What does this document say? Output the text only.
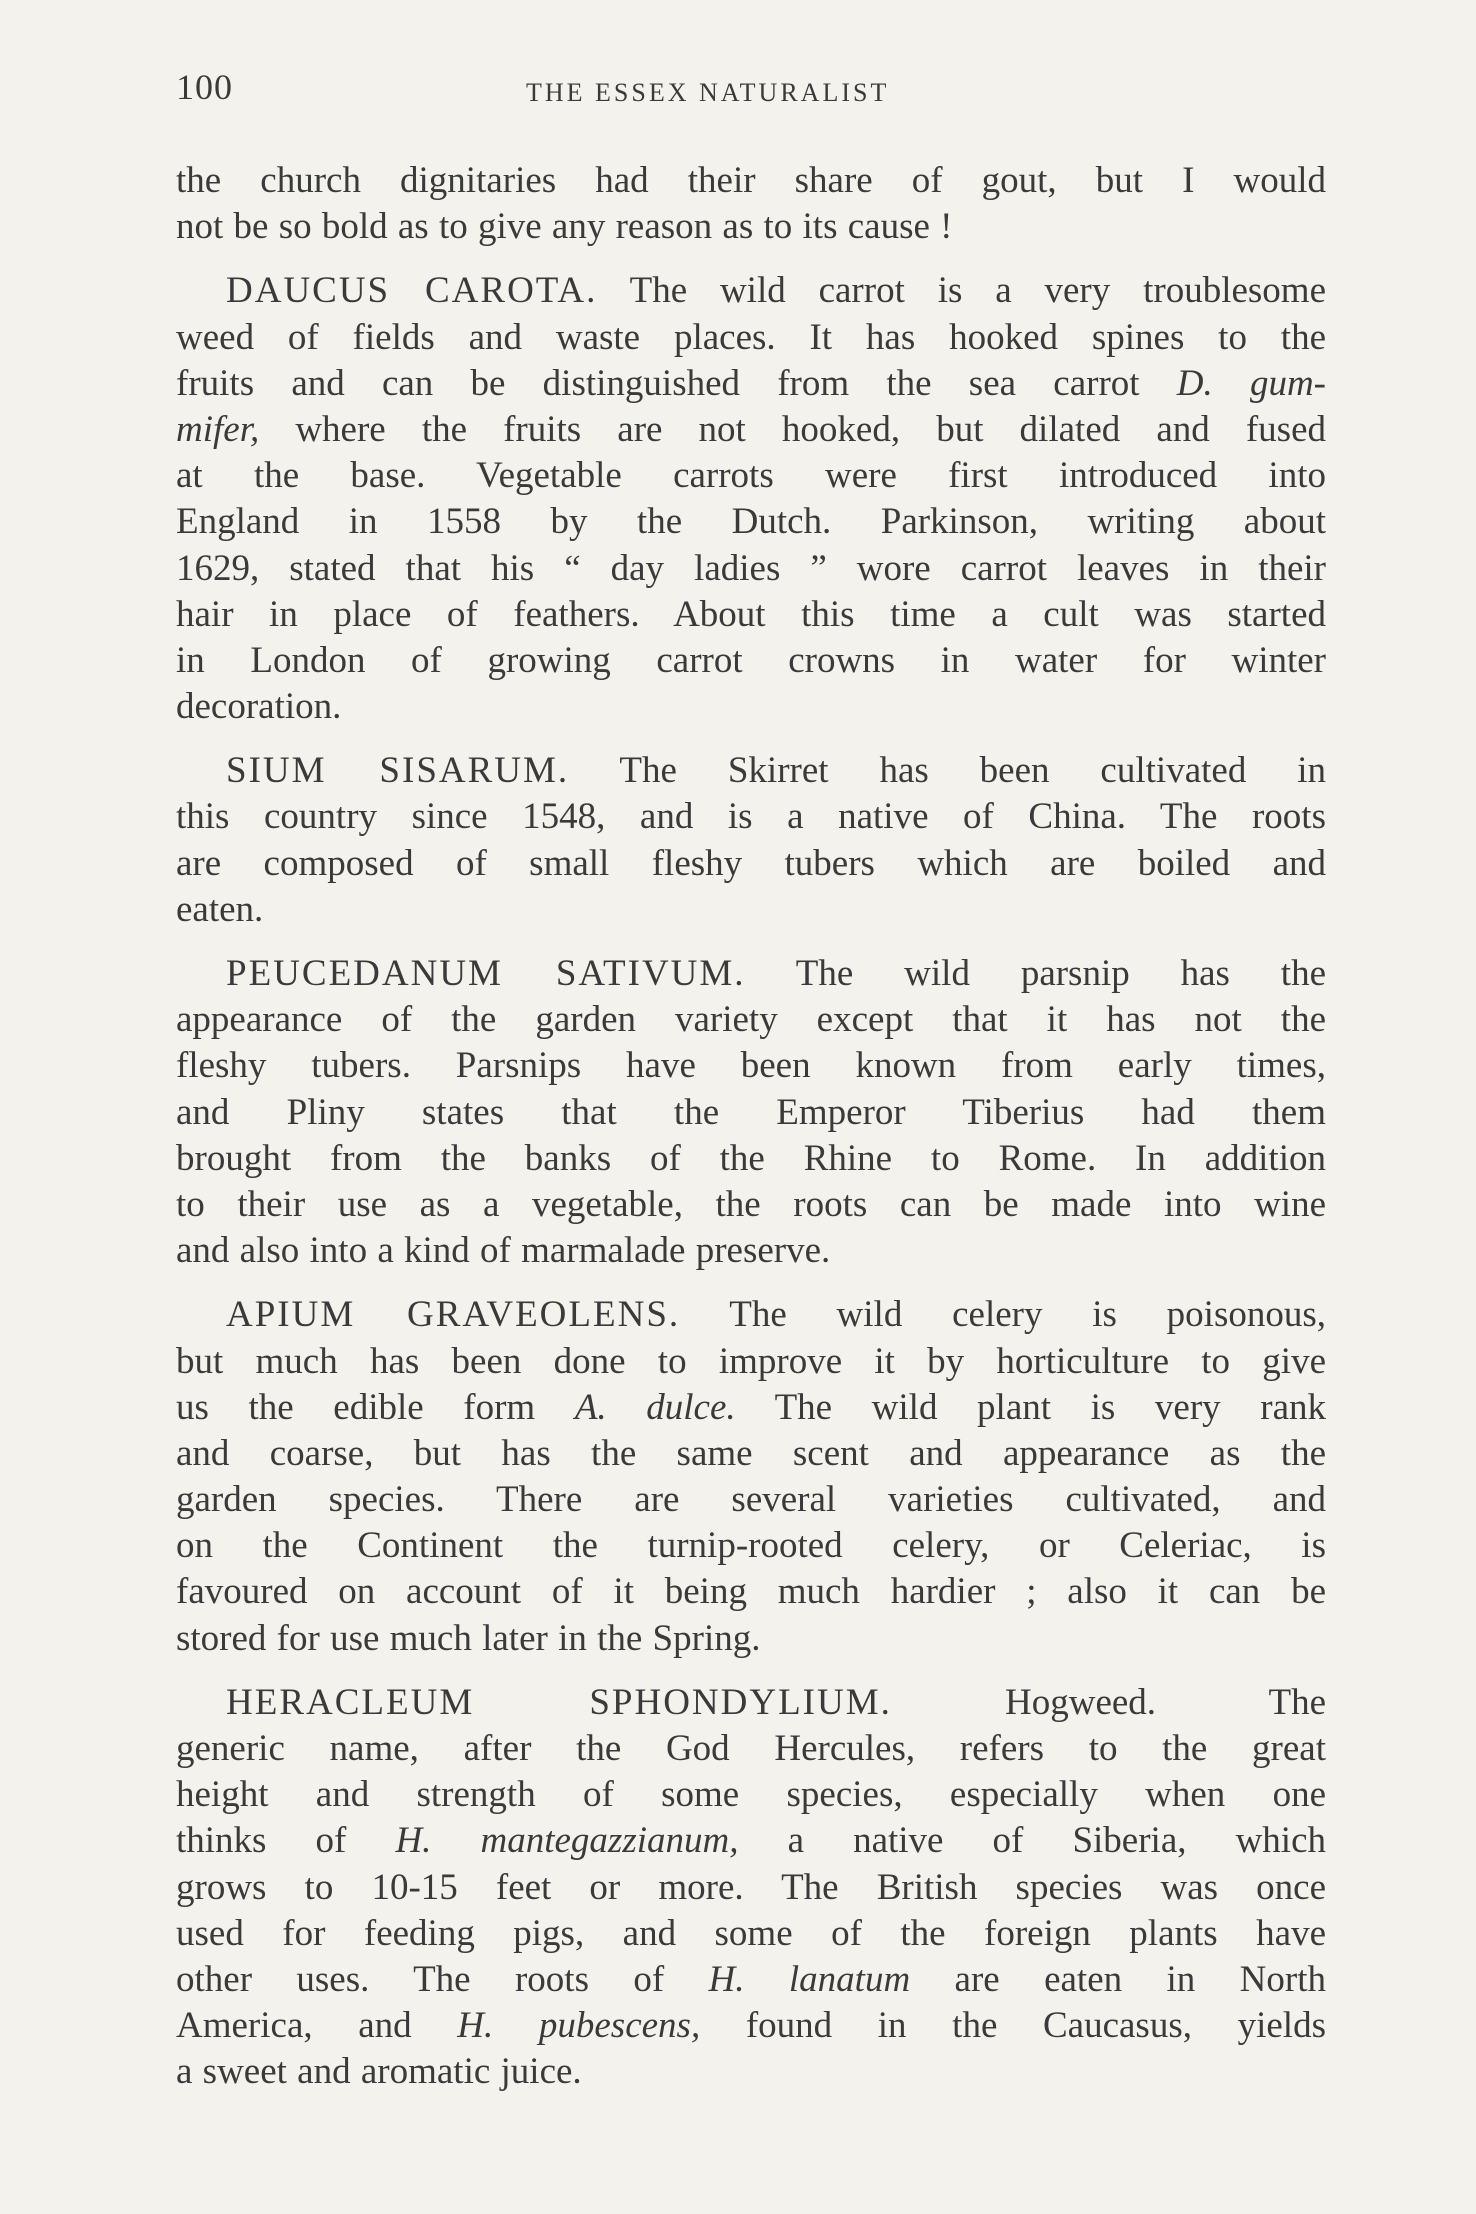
100	THE ESSEX NATURALIST
the church dignitaries had their share of gout, but I would
not be so bold as to give any reason as to its cause !
DAUCUS CAROTA. The wild carrot is a very troublesome
weed of fields and waste places. It has hooked spines to the
fruits and can be distinguished from the sea carrot D. gum-
mifer, where the fruits are not hooked, but dilated and fused
at the base. Vegetable carrots were first introduced into
England in 1558 by the Dutch. Parkinson, writing about
1629, stated that his “ day ladies ” wore carrot leaves in their
hair in place of feathers. About this time a cult was started
in London of growing carrot crowns in water for winter
decoration.
SIUM SISARUM. The Skirret has been cultivated in
this country since 1548, and is a native of China. The roots
are composed of small fleshy tubers which are boiled and
eaten.
PEUCEDANUM SATIVUM. The wild parsnip has the
appearance of the garden variety except that it has not the
fleshy tubers. Parsnips have been known from early times,
and Pliny states that the Emperor Tiberius had them
brought from the banks of the Rhine to Rome. In addition
to their use as a vegetable, the roots can be made into wine
and also into a kind of marmalade preserve.
APIUM GRAVEOLENS. The wild celery is poisonous,
but much has been done to improve it by horticulture to give
us the edible form A. dulce. The wild plant is very rank
and coarse, but has the same scent and appearance as the
garden species. There are several varieties cultivated, and
on the Continent the turnip-rooted celery, or Celeriac, is
favoured on account of it being much hardier ; also it can be
stored for use much later in the Spring.
HERACLEUM SPHONDYLIUM.	Hogweed. The
generic name, after the God Hercules, refers to the great
height and strength of some species, especially when one
thinks of H. mantegazzianum, a native of Siberia, which
grows to 10-15 feet or more. The British species was once
used for feeding pigs, and some of the foreign plants have
other uses. The roots of H. lanatum are eaten in North
America, and H. pubescens, found in the Caucasus, yields
a sweet and aromatic juice.
